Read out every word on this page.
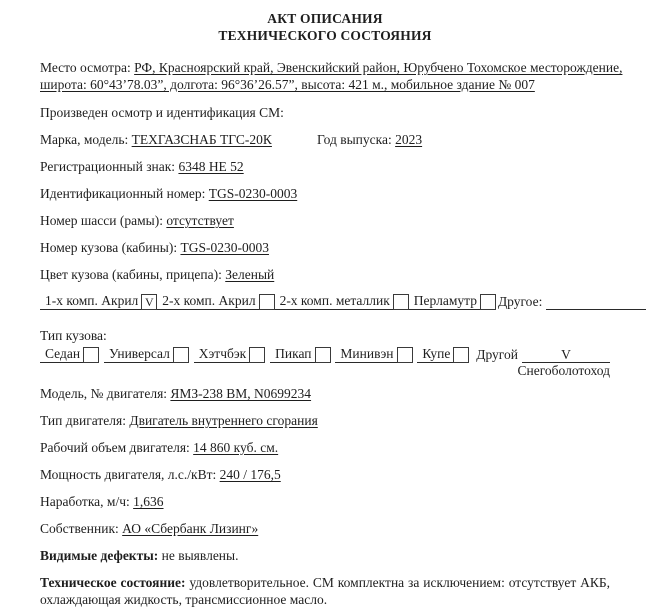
АКТ ОПИСАНИЯ
ТЕХНИЧЕСКОГО СОСТОЯНИЯ

Место осмотра: РФ, Красноярский край, Эвенскийский район, Юрубчено Тохомское месторождение,
широта: 60°43’78.03”, долгота: 96°36’26.57”, высота: 421 м., мобильное здание № 007

Произведен осмотр и идентификация СМ:

Марка, модель: ТЕХГАЗСНАБ ТГС-20К	Год выпуска: 2023

Регистрационный знак: 6348 НЕ 52

Идентификационный номер: TGS-0230-0003

Номер шасси (рамы): отсутствует

Номер кузова (кабины): TGS-0230-0003

Цвет кузова (кабины, прицепа): Зеленый

1-х комп. Акрил V 2-х комп. Акрил	2-х комп. металлик	Перламутр Другое:

Тип кузова:

Седан	Универсал	Хэтчбэк	Пикап	Минивэн	Купе Другой	V
Снегоболотоход

Модель, № двигателя: ЯМЗ-238 ВМ, N0699234

Тип двигателя: Двигатель внутреннего сгорания

Рабочий объем двигателя: 14 860 куб. см.

Мощность двигателя, л.с./кВт: 240 / 176,5

Наработка, м/ч: 1,636

Собственник: АО «Сбербанк Лизинг»

Видимые дефекты: не выявлены.

Техническое состояние: удовлетворительное. СМ комплектна за исключением: отсутствует АКБ, охлаждающая жидкость, трансмиссионное масло.
